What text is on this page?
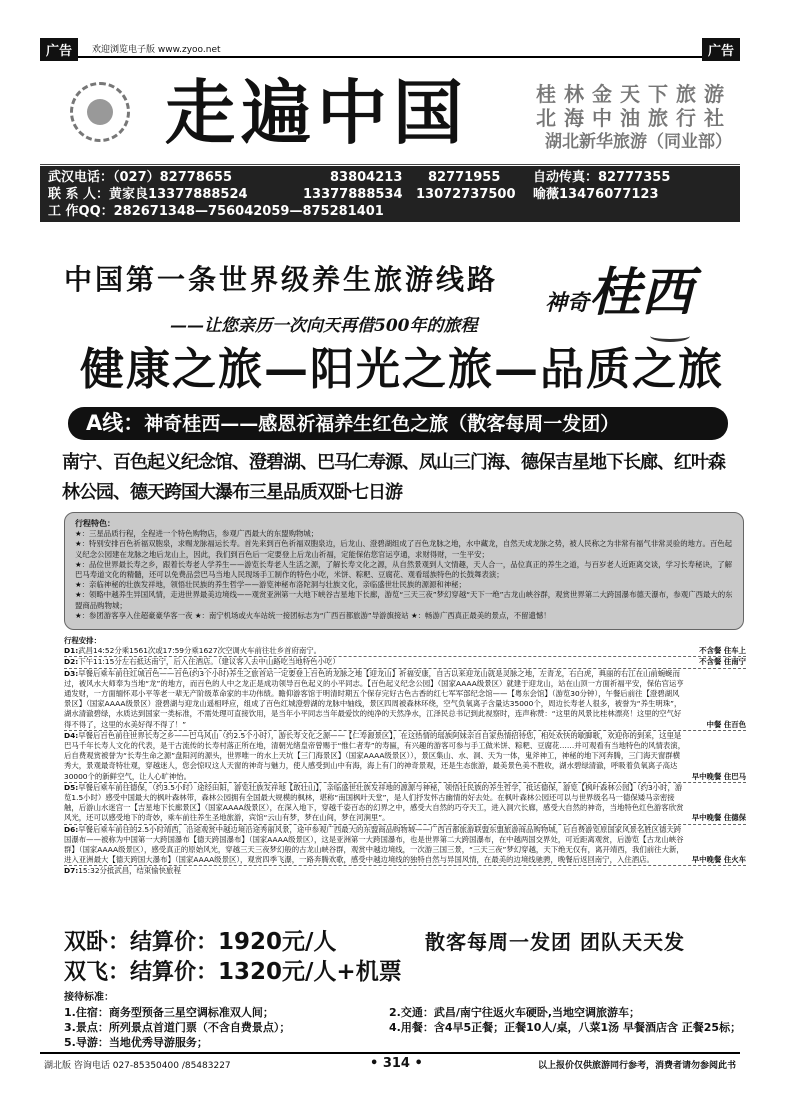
广告	欢迎浏览电子版 www.zyoo.net	广告
走遍中国	桂林金天下旅游
北海中油旅行社
湖北新华旅游（同业部）
武汉电话：（027）82778655	83804213 82771955	自动传真：82777355
联 系 人：黄家良13377888524	13377888534 13072737500 喻薇13476077123
工 作QQ：282671348—756042059—875281401
中国第一条世界级养生旅游线路
神奇桂西
——让您亲历一次向天再借500年的旅程
健康之旅—阳光之旅—品质之旅
A线：神奇桂西——感恩祈福养生红色之旅（散客每周一发团）
南宁、百色起义纪念馆、澄碧湖、巴马仁寿源、凤山三门海、德保吉星地下长廊、红叶森林公园、德天跨国大瀑布三星品质双卧七日游
行程特色：
★：三星品质行程，全程进一个特色购物店，参观广西最大的东盟购物城；
★：特别安排百色祈福双胞泉，求赐龙脉福运长寿。首先来到百色祈福双胞泉边，后龙山、澄碧湖组成了百色龙脉之地，水中藏龙，自然天成龙脉之势，被人民称之为非常有福气非常灵验的地方。百色起义纪念公园建在龙脉之地后龙山上，因此，我们到百色后一定要登上后龙山祈福，定能保佑您官运亨通，求财得财，一生平安；
★：品位世界最长寿之乡，跟着长寿老人学养生——游览长寿老人生活之源，了解长寿文化之源，从自然景观到人文情趣，天人合一，品位真正的养生之道，与百岁老人近距离交谈，学习长寿秘诀，了解巴马寿道文化的精髓，还可以免费品尝巴马当地人民现场手工制作的特色小吃，米饼、粽粑、豆腐花、观看瑶族特色的长鼓舞表演；
★：亲临神秘的壮族发祥地，领悟壮民族的养生哲学——游览神秘布洛陀洞与壮族文化，亲临盛世壮民族的源源和神秘；
★：领略中越养生异国风情，走进世界最美边境线——观赏亚洲第一大地下峡谷吉星地下长廊，游览“三天三夜”梦幻穿越“天下一绝”古龙山峡谷群，观赏世界第二大跨国瀑布德天瀑布，参观广西最大的东盟商品购物城；
★：参团游客享入住超豪豪华客一夜 ★：南宁机场或火车站统一接团标志为“广西百都旅游”导游旗接站 ★：畅游广西真正最美的景点，不留遗憾！
行程安排：
D1:武昌14:52分乘1561次或17:59分乘1627次空调火车前往壮乡首府南宁。	不含餐 住车上
D2:下午11:15分左右抵达南宁，后入住酒店。（建议客人去中山路吃当地特色小吃）	不含餐 住南宁
D3:早餐后乘车前往红城百色——百色(约3个小时)养生之旅首站一定要登上百色的龙脉之地【迎龙山】祈福安康，自古以来迎龙山就是灵脉之地，左青龙，右白虎，典丽的右江在山前蜿蜒而过，被风水大师奉为当地“龙”的地方，而百色的人中之龙正是成功领导百色起义的小平同志。【百色起义纪念公园】（国家AAAA级景区）就建于迎龙山，站在山顶一方面祈福平安，保佑官运亨通发财，一方面缅怀邓小平等老一辈无产阶级革命家的丰功伟绩。瞻仰游客馆于明清时期五个保存完好古色古香的红七军军部纪念馆——【粤东会馆】（游览30分钟），午餐后前往【澄碧湖风景区】（国家AAAA级景区）澄碧湖与迎龙山遥相呼应，组成了百色红城澄碧湖的龙脉中轴线，景区四周被森林环绕，空气负氧离子含量达35000个，周边长寿老人很多，被誉为“养生明珠”，湖水清澈碧绿，水质达到国家一类标准，不需处理可直接饮用，是当年小平同志当年最爱饮的纯净的天然净水，江泽民总书记到此视察时，连声称赞：“这里的风景比桂林漂亮！这里的空气好得不得了，这里的水美好得不得了！”	中餐 住百色
D4:早餐后百色前往世界长寿之乡——巴马风山（约2.5个小时），游长寿文化之源——【仁寿源景区】，在这热情的瑶族阿妹亲自自家热情招待您，相处欢快的歇脚歌，欢迎你的到来，这里是巴马千年长寿人文化的代表，是干古流传的长寿村落正所在地，清朝光绪皇帝曾赐于“惟仁者寿”的寿匾，有兴趣的游客可参与手工做米饼、粽粑、豆腐花……并可观看有当地特色的风情表演，后自费观赏被誉为“长寿生命之源”盘阳河的源头，世界唯一的水上天坑【三门海景区】（国家AAAA级景区）），景区集山、水、洞、天为一体，鬼斧神工，神秘的地下河奔腾，三门海天窗群横秀大，景观最奇特壮观，穿越迷人，您会惊叹这人天窗的神奇与魅力，使人感受到山中有海，海上有门的神奇景观，还是生态旅游，最美景色美不胜收，湖水碧绿清澈，呼吸着负氧离子高达30000个的新鲜空气，让人心旷神怡。	早中晚餐 住巴马
D5:早餐后乘车前往德保，（约3.5小时）途经田阳，游览壮族发祥地【敢壮山】，亲临盛世壮族发祥地的源源与神秘，领悟壮民族的养生哲学，抵达德保，游览【枫叶森林公园】（约3小时，游览1.5小时）感受中国最大的枫叶森林带，森林公园拥有全国最大规模的枫林，堪称“南国枫叶天堂”，是人们抒发怀古幽情的好去处。在枫叶森林公园还可以与世界级名马一德保矮马亲密接触，后游山水迷宫一【吉星地下长廊景区】（国家AAAA级景区），在深入地下，穿越千姿百态的幻界之中，感受大自然的巧夺天工，进入洞穴长廊，感受大自然的神奇，当地特色红色游客欣赏风光，还可以感受地下的奇妙，乘车前往养生圣地旅游，宾馆“云山有梦，梦在山间，梦在河涧里”。	早中晚餐 住德保
D6:早餐后乘车前往的2.5小时靖西，沿途观赏中越边境沿途秀丽风景，途中参观广西最大的东盟商品购物城——广西百都旅游联盟东盟旅游商品购物城，后自费游览原国家风景名胜区德天跨国瀑布——被称为中国第一大跨国瀑布【德天跨国瀑布】（国家AAAA级景区），这是亚洲第一大跨国瀑布，也是世界第二大跨国瀑布，在中越两国交界处，可近距离观赏，后游览【古龙山峡谷群】（国家AAAA级景区），感受真正的原始风光，穿越三天三夜梦幻般的古龙山峡谷群，观赏中越边境线，一次游三国三景，“三天三夜”梦幻穿越，天下绝无仅有，离开靖西，我们前往大新，进入亚洲最大【德天跨国大瀑布】（国家AAAA级景区），观赏四季飞瀑，一路奔腾欢歌，感受中越边境线的独特自然与异国风情，在最美的边境线驰骋，晚餐后返回南宁，入住酒店。	早中晚餐 住火车
D7:15:32分抵武昌，结束愉快旅程
双卧：结算价：1920元/人
双飞：结算价：1320元/人+机票
散客每周一发团 团队天天发
接待标准：
1.住宿：商务型预备三星空调标准双人间；	2.交通：武昌/南宁往返火车硬卧,当地空调旅游车；
3.景点：所列景点首道门票（不含自费景点）；	4.用餐：含4早5正餐；正餐10人/桌，八菜1汤 早餐酒店含 正餐25标；
5.导游：当地优秀导游服务；
湖北版 咨询电话 027-85350400 /85483227	• 314 •	以上报价仅供旅游同行参考，消费者请勿参阅此书
